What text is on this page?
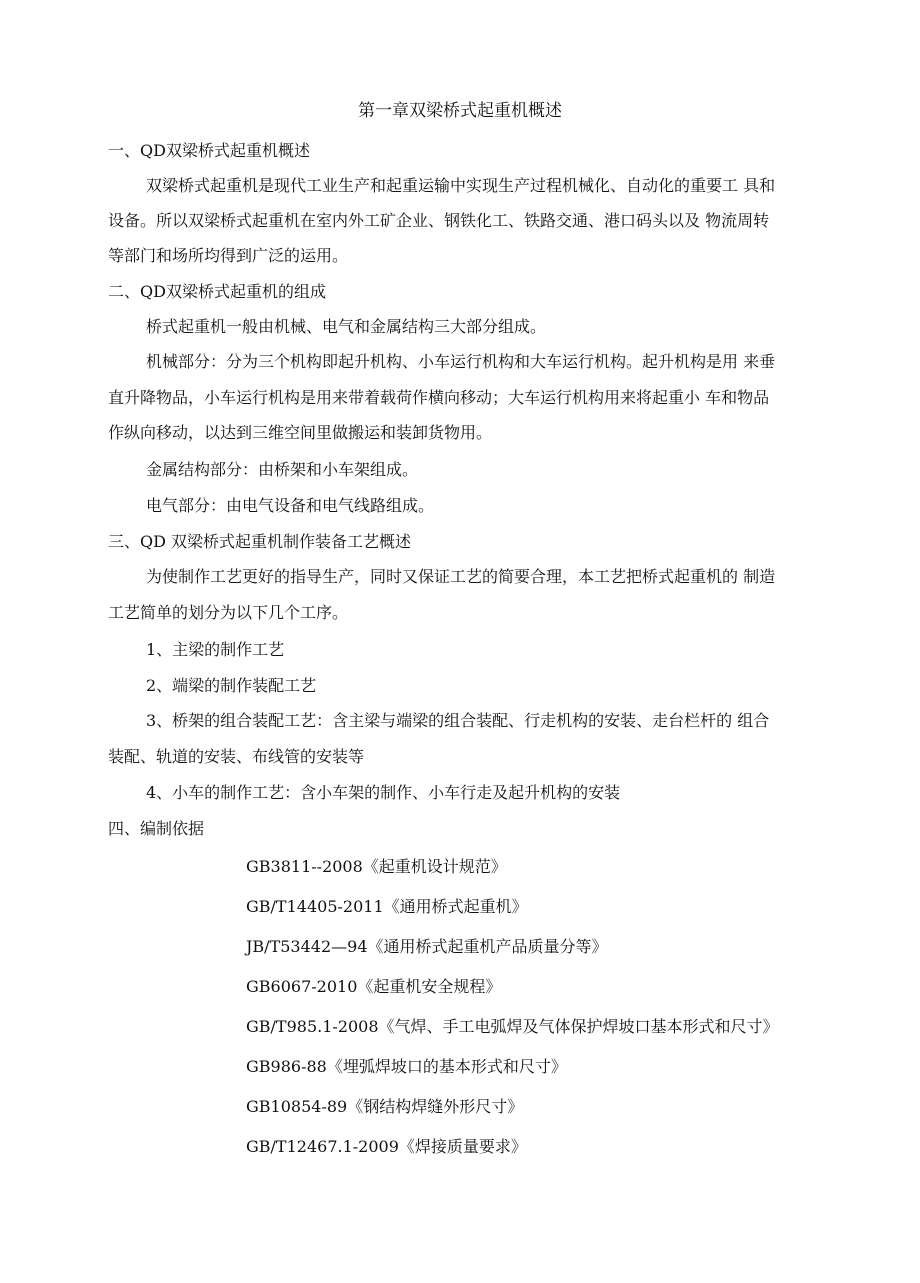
第一章双梁桥式起重机概述
一、QD双梁桥式起重机概述
双梁桥式起重机是现代工业生产和起重运输中实现生产过程机械化、自动化的重要工 具和
设备。所以双梁桥式起重机在室内外工矿企业、钢铁化工、铁路交通、港口码头以及 物流周转
等部门和场所均得到广泛的运用。
二、QD双梁桥式起重机的组成
桥式起重机一般由机械、电气和金属结构三大部分组成。
机械部分：分为三个机构即起升机构、小车运行机构和大车运行机构。起升机构是用 来垂
直升降物品，小车运行机构是用来带着载荷作横向移动；大车运行机构用来将起重小 车和物品
作纵向移动，以达到三维空间里做搬运和装卸货物用。
金属结构部分：由桥架和小车架组成。
电气部分：由电气设备和电气线路组成。
三、QD 双梁桥式起重机制作装备工艺概述
为使制作工艺更好的指导生产，同时又保证工艺的简要合理，本工艺把桥式起重机的 制造
工艺简单的划分为以下几个工序。
1、主梁的制作工艺
2、端梁的制作装配工艺
3、桥架的组合装配工艺：含主梁与端梁的组合装配、行走机构的安装、走台栏杆的 组合
装配、轨道的安装、布线管的安装等
4、小车的制作工艺：含小车架的制作、小车行走及起升机构的安装
四、编制依据
GB3811--2008《起重机设计规范》
GB/T14405-2011《通用桥式起重机》
JB/T53442—94《通用桥式起重机产品质量分等》
GB6067-2010《起重机安全规程》
GB/T985.1-2008《气焊、手工电弧焊及气体保护焊坡口基本形式和尺寸》
GB986-88《埋弧焊坡口的基本形式和尺寸》
GB10854-89《钢结构焊缝外形尺寸》
GB/T12467.1-2009《焊接质量要求》
